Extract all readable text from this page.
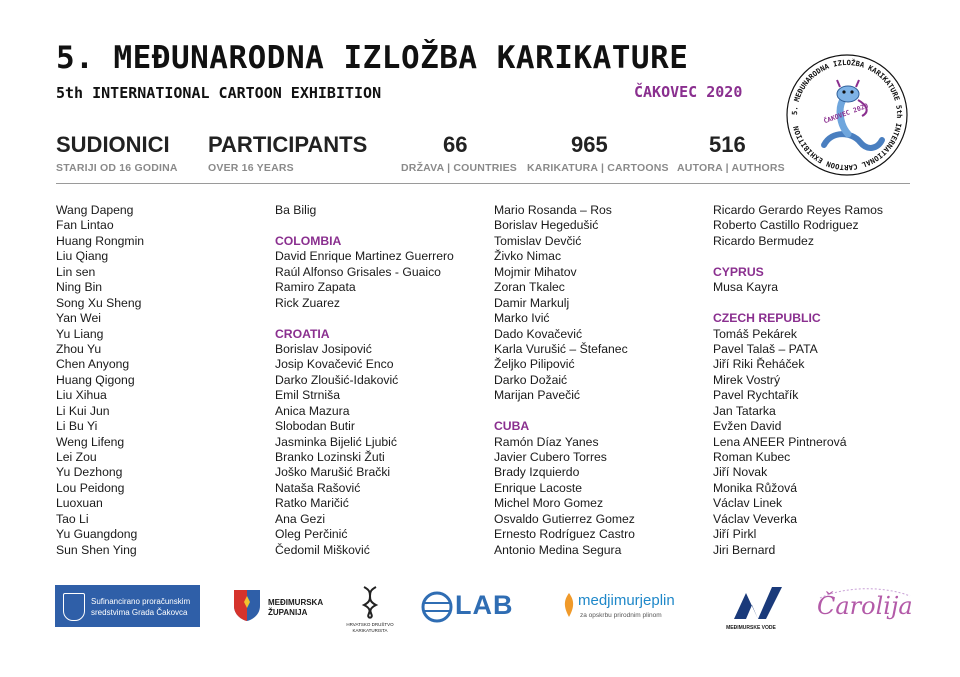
5. MEĐUNARODNA IZLOŽBA KARIKATURE
5th INTERNATIONAL CARTOON EXHIBITION	ČAKOVEC 2020
5. MEĐUNARODNA IZLOŽBA KARIKATURE 5th INTERNATIONAL CARTOON EXHIBITION
ČAKOVEC 2020
SUDIONICI
STARIJI OD 16 GODINA
PARTICIPANTS
OVER 16 YEARS
66
DRŽAVA | COUNTRIES
965
KARIKATURA | CARTOONS
516
AUTORA | AUTHORS
Wang Dapeng
Fan Lintao
Huang Rongmin
Liu Qiang
Lin sen
Ning Bin
Song Xu Sheng
Yan Wei
Yu Liang
Zhou Yu
Chen Anyong
Huang Qigong
Liu Xihua
Li Kui Jun
Li Bu Yi
Weng Lifeng
Lei Zou
Yu Dezhong
Lou Peidong
Luoxuan
Tao Li
Yu Guangdong
Sun Shen Ying
Ba Bilig
COLOMBIA
David Enrique Martinez Guerrero
Raúl Alfonso Grisales - Guaico
Ramiro Zapata
Rick Zuarez
CROATIA
Borislav Josipović
Josip Kovačević Enco
Darko Zloušić-Idaković
Emil Strniša
Anica Mazura
Slobodan Butir
Jasminka Bijelić Ljubić
Branko Lozinski Žuti
Joško Marušić Brački
Nataša Rašović
Ratko Maričić
Ana Gezi
Oleg Perčinić
Čedomil Mišković
Mario Rosanda – Ros
Borislav Hegedušić
Tomislav Devčić
Živko Nimac
Mojmir Mihatov
Zoran Tkalec
Damir Markulj
Marko Ivić
Dado Kovačević
Karla Vurušić – Štefanec
Željko Pilipović
Darko Dožaić
Marijan Pavečić
CUBA
Ramón Díaz Yanes
Javier Cubero Torres
Brady Izquierdo
Enrique Lacoste
Michel Moro Gomez
Osvaldo Gutierrez Gomez
Ernesto Rodríguez Castro
Antonio Medina Segura
Ricardo Gerardo Reyes Ramos
Roberto Castillo Rodriguez
Ricardo Bermudez
CYPRUS
Musa Kayra
CZECH REPUBLIC
Tomáš Pekárek
Pavel Talaš – PATA
Jiří Riki Řeháček
Mirek Vostrý
Pavel Rychtařík
Jan Tatarka
Evžen David
Lena ANEER Pintnerová
Roman Kubec
Jiří Novak
Monika Růžová
Václav Linek
Václav Veverka
Jiří Pirkl
Jiri Bernard
Sufinancirano proračunskim
sredstvima Grada Čakovca
MEĐIMURSKA
ŽUPANIJA
HRVATSKO DRUŠTVO
KARIKATURISTA
LAB	medjimurjeplin
za opskrbu prirodnim plinom
MEĐIMURSKE VODE
Čarolija
